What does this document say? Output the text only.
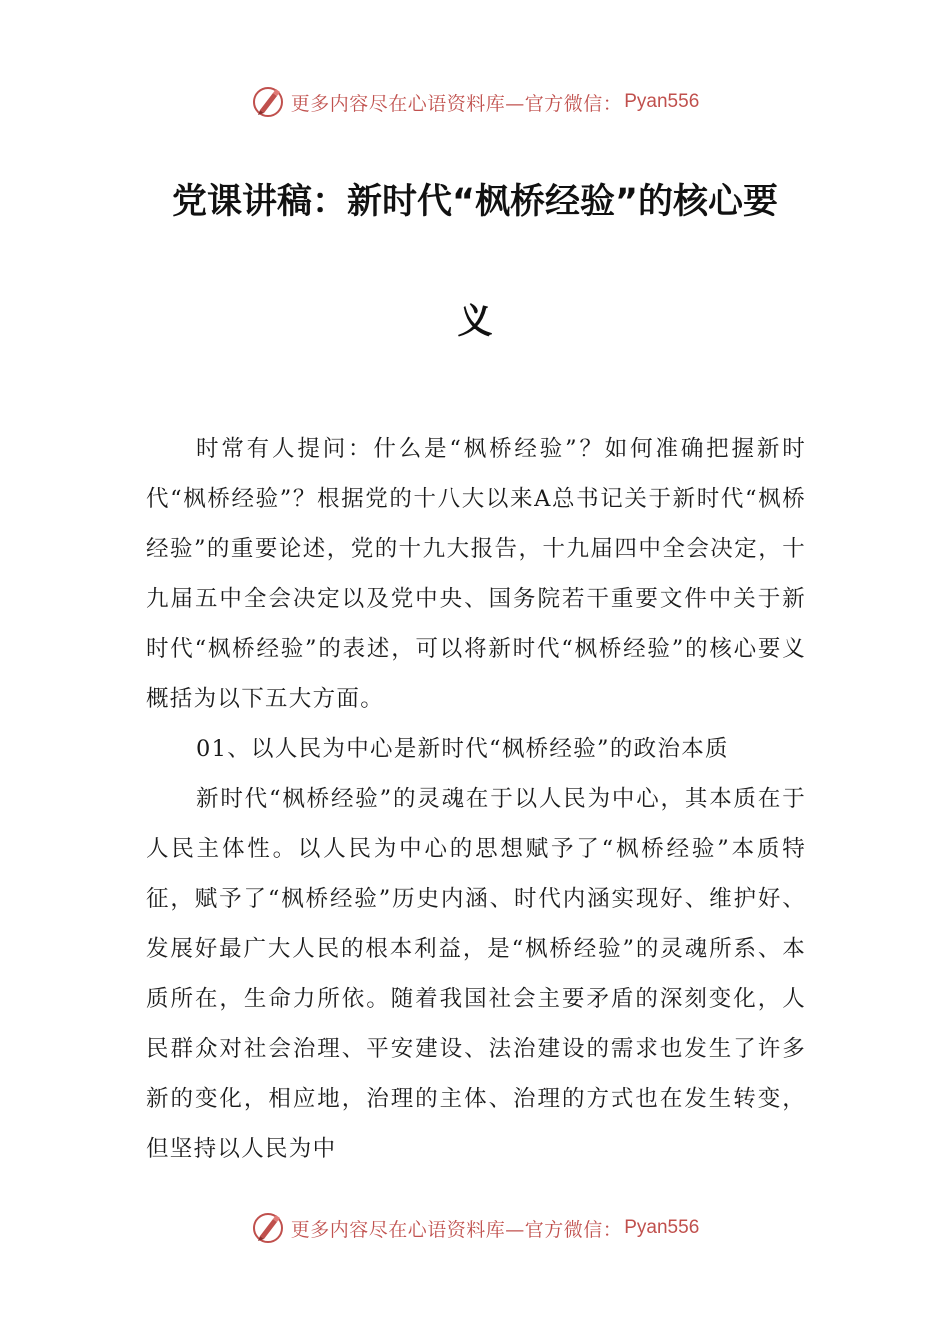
更多内容尽在心语资料库—官方微信： Pyan556
党课讲稿：新时代“枫桥经验”的核心要
义

时常有人提问：什么是“枫桥经验”？如何准确把握新时代“枫桥经验”？根据党的十八大以来A总书记关于新时代“枫桥经验”的重要论述，党的十九大报告，十九届四中全会决定，十九届五中全会决定以及党中央、国务院若干重要文件中关于新时代“枫桥经验”的表述，可以将新时代“枫桥经验”的核心要义概括为以下五大方面。

01、以人民为中心是新时代“枫桥经验”的政治本质

新时代“枫桥经验”的灵魂在于以人民为中心，其本质在于人民主体性。以人民为中心的思想赋予了“枫桥经验”本质特征，赋予了“枫桥经验”历史内涵、时代内涵实现好、维护好、发展好最广大人民的根本利益，是“枫桥经验”的灵魂所系、本质所在，生命力所依。随着我国社会主要矛盾的深刻变化，人民群众对社会治理、平安建设、法治建设的需求也发生了许多新的变化，相应地，治理的主体、治理的方式也在发生转变，但坚持以人民为中

更多内容尽在心语资料库—官方微信： Pyan556
